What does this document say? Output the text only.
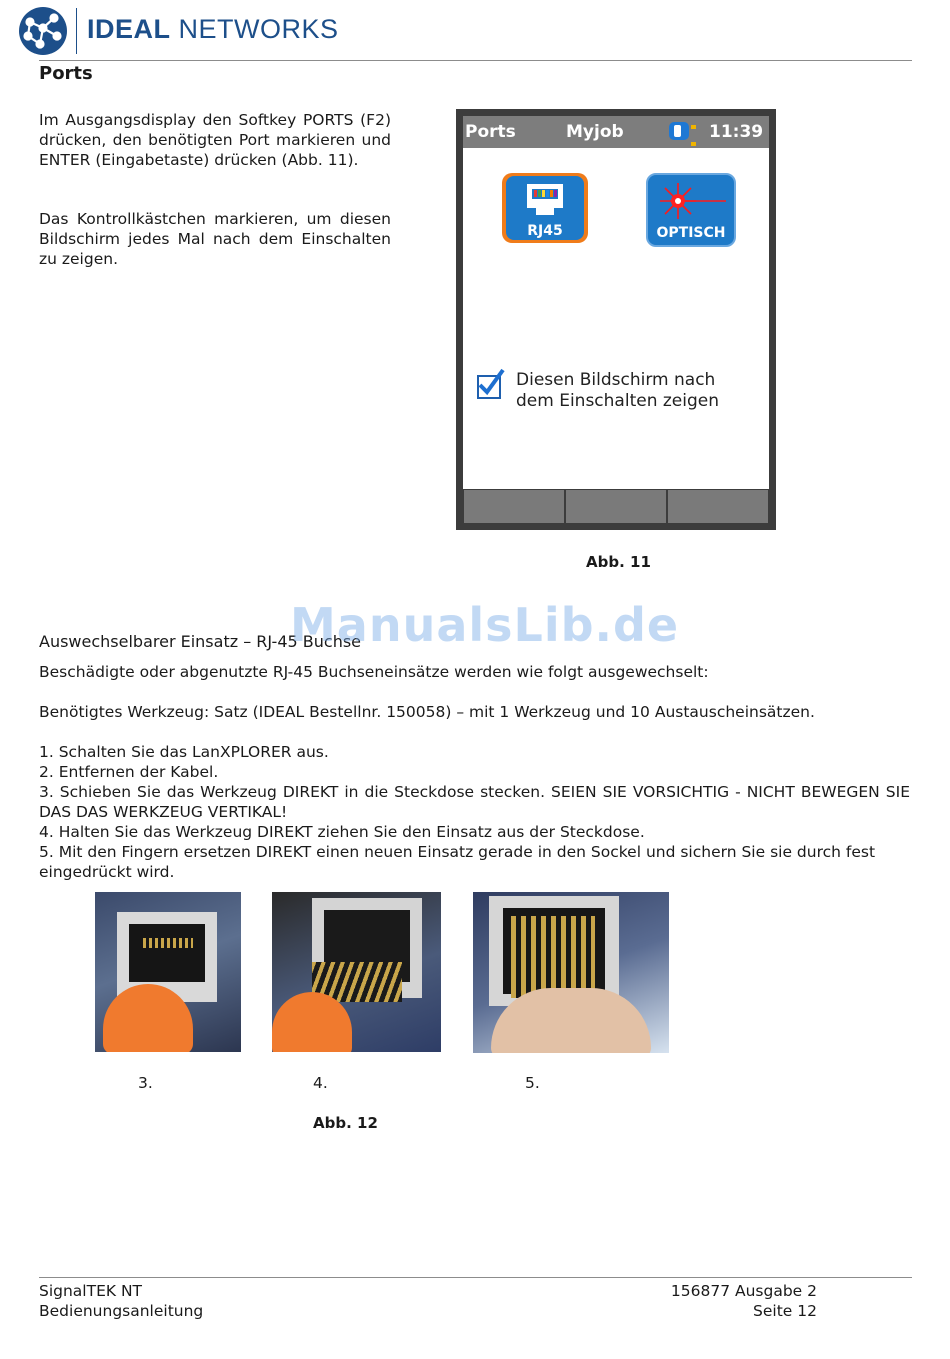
IDEAL NETWORKS
Ports

Im Ausgangsdisplay den Softkey PORTS (F2) drücken, den benötigten Port markieren und ENTER (Eingabetaste) drücken (Abb. 11).

Das Kontrollkästchen markieren, um diesen Bildschirm jedes Mal nach dem Einschalten zu zeigen.

Ports	Myjob	11:39
RJ45	OPTISCH
Diesen Bildschirm nach
dem Einschalten zeigen
Abb. 11
Auswechselbarer Einsatz – RJ-45 Buchse
ManualsLib.de

Beschädigte oder abgenutzte RJ-45 Buchseneinsätze werden wie folgt ausgewechselt:

Benötigtes Werkzeug: Satz (IDEAL Bestellnr. 150058) – mit 1 Werkzeug und 10 Austauscheinsätzen.

1. Schalten Sie das LanXPLORER aus.

2. Entfernen der Kabel.

3. Schieben Sie das Werkzeug DIREKT in die Steckdose stecken. SEIEN SIE VORSICHTIG - NICHT BEWEGEN SIE DAS DAS WERKZEUG VERTIKAL!

4. Halten Sie das Werkzeug DIREKT ziehen Sie den Einsatz aus der Steckdose.

5. Mit den Fingern ersetzen DIREKT einen neuen Einsatz gerade in den Sockel und sichern Sie sie durch fest eingedrückt wird.

3.	4.	5.
Abb. 12
SignalTEK NT
Bedienungsanleitung
156877 Ausgabe 2
Seite 12
